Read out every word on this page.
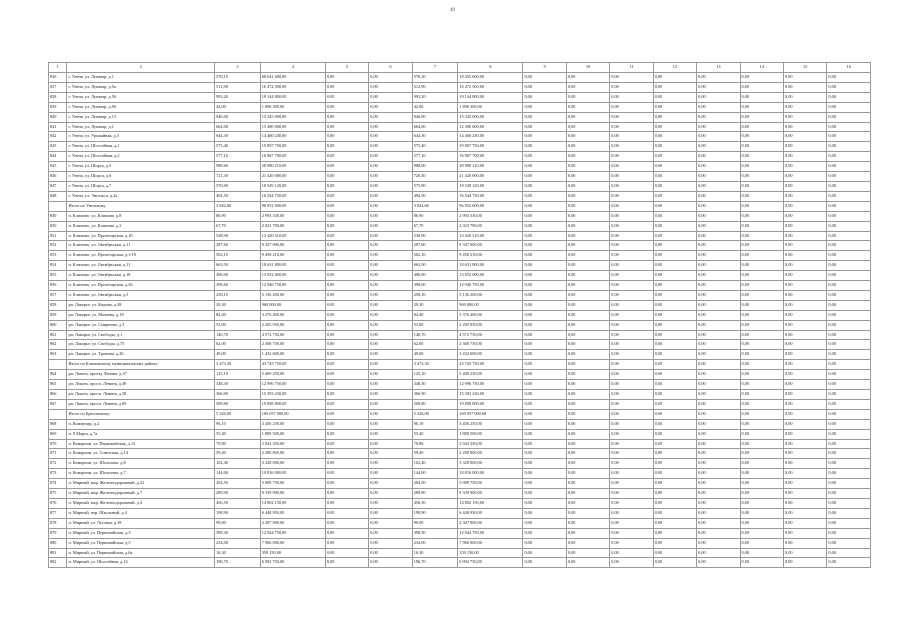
49
1	2	3	4	5	6	7	8	9	10	11	12	13	14	15	16
836	г. Унеча, ул. Луначар, д.1	576,10	68 641 600,00	0,00	0,00	576,10	18 455 600,00	0,00	0,00	0,00	0,00	0,00	0,00	0,00	0,00
837	г. Унеча, ул. Луначар, д.5а	512,90	16 472 500,00	0,00	0,00	512,90	16 472 500,00	0,00	0,00	0,00	0,00	0,00	0,00	0,00	0,00
838	г. Унеча, ул. Луначар, д.5б	993,20	19 144 800,00	0,00	0,00	993,20	19 144 800,00	0,00	0,00	0,00	0,00	0,00	0,00	0,00	0,00
839	г. Унеча, ул. Луначар, д.9б	42,00	1 896 300,00	0,00	0,00	42,00	1 896 300,00	0,00	0,00	0,00	0,00	0,00	0,00	0,00	0,00
840	г. Унеча, ул. Луначар, д.13	946,00	15 345 000,00	0,00	0,00	946,00	15 345 000,00	0,00	0,00	0,00	0,00	0,00	0,00	0,00	0,00
841	г. Унеча, ул. Луначар, д.1	664,00	15 480 000,00	0,00	0,00	664,00	12 380 600,00	0,00	0,00	0,00	0,00	0,00	0,00	0,00	0,00
842	г. Унеча, ул. Урожайная, д.3	644,30	14 460 230,00	0,00	0,00	644,30	14 460 230,00	0,00	0,00	0,00	0,00	0,00	0,00	0,00	0,00
843	г. Унеча, ул. Шоссейная, д.1	575,40	19 807 750,00	0,00	0,00	575,40	19 807 750,00	0,00	0,00	0,00	0,00	0,00	0,00	0,00	0,00
844	г. Унеча, ул. Шоссейная, д.2	577,10	16 967 700,00	0,00	0,00	577,10	16 967 700,00	0,00	0,00	0,00	0,00	0,00	0,00	0,00	0,00
845	г. Унеча, ул. Шорса, д.5	988,60	28 980 210,00	0,00	0,00	988,60	28 980 210,00	0,00	0,00	0,00	0,00	0,00	0,00	0,00	0,00
846	г. Унеча, ул. Шорса, д.6	721,30	21 420 000,00	0,00	0,00	720,30	21 420 000,00	0,00	0,00	0,00	0,00	0,00	0,00	0,00	0,00
847	г. Унеча, ул. Шорса, д.7	576,90	18 549 120,00	0,00	0,00	575,90	18 549 120,00	0,00	0,00	0,00	0,00	0,00	0,00	0,00	0,00
848	г. Унеча, ул. Энгельса, д.2а	494,50	16 544 750,00	0,00	0,00	494,50	16 544 750,00	0,00	0,00	0,00	0,00	0,00	0,00	0,00	0,00
	Итого по Унечскому	3 842,60	96 952 600,00	0,00	0,00	3 842,60	96 952 600,00	0,00	0,00	0,00	0,00	0,00	0,00	0,00	0,00
849	п. Климово, ул. Климова, д.8	86,90	2 993 330,00	0,00	0,00	86,90	2 993 330,00	0,00	0,00	0,00	0,00	0,00	0,00	0,00	0,00
850	п. Климово, ул. Климова, д.3	67,70	2 023 790,00	0,00	0,00	67,70	2 023 790,00	0,00	0,00	0,00	0,00	0,00	0,00	0,00	0,00
851	п. Климово, ул. Пролетарская, д.10	538,90	13 420 510,00	0,00	0,00	538,90	13 420 510,00	0,00	0,00	0,00	0,00	0,00	0,00	0,00	0,00
852	п. Климово, ул. Октябрьская, д.11	287,60	9 347 000,00	0,00	0,00	287,60	9 347 000,00	0,00	0,00	0,00	0,00	0,00	0,00	0,00	0,00
853	п. Климово, ул. Пролетарская, д.1/10	502,10	9 458 210,00	0,00	0,00	502,10	9 458 210,00	0,00	0,00	0,00	0,00	0,00	0,00	0,00	0,00
854	п. Климово, ул. Октябрьская, д.11	663,50	18 631 800,00	0,00	0,00	663,50	18 631 800,00	0,00	0,00	0,00	0,00	0,00	0,00	0,00	0,00
855	п. Климово, ул. Октябрьская, д.18	496,00	13 052 000,00	0,00	0,00	496,00	13 052 000,00	0,00	0,00	0,00	0,00	0,00	0,00	0,00	0,00
856	п. Климово, ул. Пролетарская, д.26	398,60	12 946 750,00	0,00	0,00	398,60	12 946 750,00	0,00	0,00	0,00	0,00	0,00	0,00	0,00	0,00
857	п. Климово, ул. Октябрьская, д.5	258,10	5 136 200,00	0,00	0,00	258,10	5 136 200,00	0,00	0,00	0,00	0,00	0,00	0,00	0,00	0,00
858	рп. Лакорье, ул. Кирова, д.28	29,30	969 000,00	0,00	0,00	29,30	969 000,00	0,00	0,00	0,00	0,00	0,00	0,00	0,00	0,00
859	рп. Лакорье, ул. Мочаева, д.18	84,40	3 376 400,00	0,00	0,00	84,40	3 376 400,00	0,00	0,00	0,00	0,00	0,00	0,00	0,00	0,00
860	рп. Лакорье, ул. Смирнова, д.3	53,00	2 205 950,00	0,00	0,00	53,00	2 205 950,00	0,00	0,00	0,00	0,00	0,00	0,00	0,00	0,00
861	рп. Лакорье, ул. Свободы, д.1	140,70	4 572 750,00	0,00	0,00	140,70	4 572 750,00	0,00	0,00	0,00	0,00	0,00	0,00	0,00	0,00
862	рп. Лакорье, ул. Свободы, д.75	62,00	2 368 750,00	0,00	0,00	62,00	2 368 750,00	0,00	0,00	0,00	0,00	0,00	0,00	0,00	0,00
863	рп. Лакорье, ул. Тропина, д.20	49,00	1 432 600,00	0,00	0,00	49,00	1 432 600,00	0,00	0,00	0,00	0,00	0,00	0,00	0,00	0,00
	Итого по Климовскому муниципальному району:	3 473,30	43 745 750,00	0,00	0,00	3 473,30	43 745 750,00	0,00	0,00	0,00	0,00	0,00	0,00	0,00	0,00
864	рп. Локоть, проезд Ленина, д.47	125,10	5 409 250,00	0,00	0,00	125,10	5 409 250,00	0,00	0,00	0,00	0,00	0,00	0,00	0,00	0,00
865	рп. Локоть, просп. Ленина, д.49	348,30	12 996 750,00	0,00	0,00	348,30	12 996 750,00	0,00	0,00	0,00	0,00	0,00	0,00	0,00	0,00
866	рп. Локоть, просп. Ленина, д.58	366,90	15 393 230,00	0,00	0,00	366,90	15 393 230,00	0,00	0,00	0,00	0,00	0,00	0,00	0,00	0,00
867	рп. Локоть, просп. Ленина, д.69	508,80	19 898 800,00	0,00	0,00	508,80	19 898 800,00	0,00	0,00	0,00	0,00	0,00	0,00	0,00	0,00
	Итого по Брасовскому:	5 326,00	169 057 000,00	0,00	0,00	5 326,00	169 057 000,00	0,00	0,00	0,00	0,00	0,00	0,00	0,00	0,00
868	п. Коммунар, д.2	96,10	3 456 250,00	0,00	0,00	96,10	3 456 250,00	0,00	0,00	0,00	0,00	0,00	0,00	0,00	0,00
869	п. 8 Марта, д.7а	55,40	1 889 500,00	0,00	0,00	55,40	1 889 500,00	0,00	0,00	0,00	0,00	0,00	0,00	0,00	0,00
870	п. Комаричи, ул. Первомайская, д.13	79,80	2 943 350,00	0,00	0,00	79,80	2 943 350,00	0,00	0,00	0,00	0,00	0,00	0,00	0,00	0,00
871	п. Комаричи, ул. Советская, д.14	59,40	2 280 800,00	0,00	0,00	59,40	2 280 800,00	0,00	0,00	0,00	0,00	0,00	0,00	0,00	0,00
872	п. Комаричи, ул. Шолохова, д.8	102,40	3 328 000,00	0,00	0,00	102,40	3 328 000,00	0,00	0,00	0,00	0,00	0,00	0,00	0,00	0,00
873	п. Комаричи, ул. Шолохова, д.7	144,00	19 816 000,00	0,00	0,00	144,00	18 816 000,00	0,00	0,00	0,00	0,00	0,00	0,00	0,00	0,00
874	п. Мирный, мкр. Железнодорожный, д.21	204,50	5 089 750,00	0,00	0,00	204,50	5 089 750,00	0,00	0,00	0,00	0,00	0,00	0,00	0,00	0,00
875	п. Мирный, мкр. Железнодорожный, д.7	289,90	9 339 900,00	0,00	0,00	289,90	9 339 900,00	0,00	0,00	0,00	0,00	0,00	0,00	0,00	0,00
876	п. Мирный, мкр. Железнодорожный, д.4	456,50	14 802 150,00	0,00	0,00	456,50	14 802 150,00	0,00	0,00	0,00	0,00	0,00	0,00	0,00	0,00
877	п. Мирный, пер. Школьный, д.4	198,90	6 448 950,00	0,00	0,00	198,90	6 448 950,00	0,00	0,00	0,00	0,00	0,00	0,00	0,00	0,00
878	п. Мирный, ул. Луговая, д.18	99,00	2 307 900,00	0,00	0,00	99,00	2 307 900,00	0,00	0,00	0,00	0,00	0,00	0,00	0,00	0,00
879	п. Мирный, ул. Первомайская, д.3	398,30	12 944 750,00	0,00	0,00	398,30	12 944 750,00	0,00	0,00	0,00	0,00	0,00	0,00	0,00	0,00
880	п. Мирный, ул. Первомайская, д.5	234,00	7 966 000,00	0,00	0,00	234,00	7 966 000,00	0,00	0,00	0,00	0,00	0,00	0,00	0,00	0,00
881	п. Мирный, ул. Первомайская, д.6а	16,30	359 150,00	0,00	0,00	16,30	359 150,00	0,00	0,00	0,00	0,00	0,00	0,00	0,00	0,00
882	п. Мирный, ул. Шоссейная, д.14	196,70	6 992 750,00	0,00	0,00	196,70	6 992 750,00	0,00	0,00	0,00	0,00	0,00	0,00	0,00	0,00
